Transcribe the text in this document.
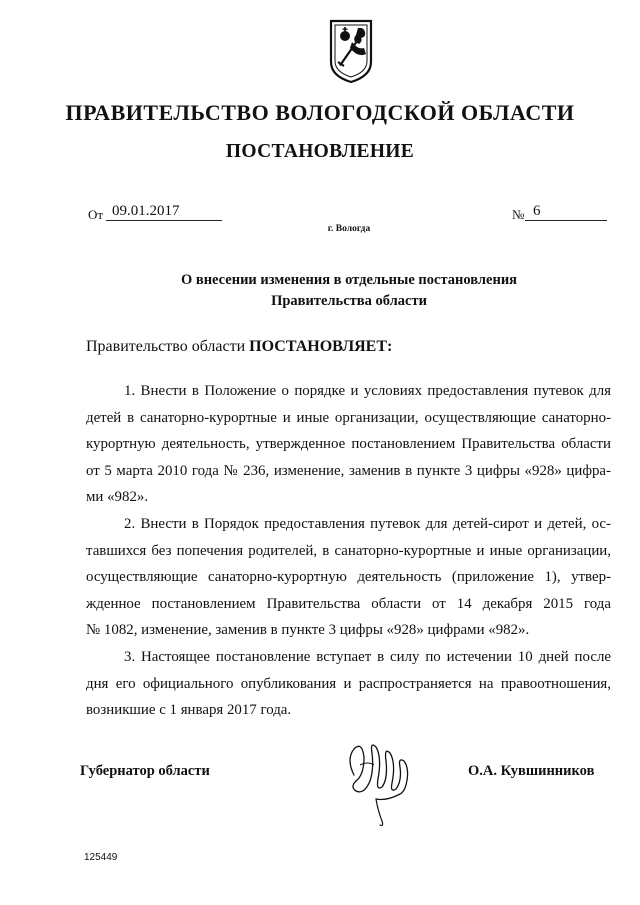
ПРАВИТЕЛЬСТВО ВОЛОГОДСКОЙ ОБЛАСТИ
ПОСТАНОВЛЕНИЕ
От 09.01.2017	№ 6
г. Вологда
О внесении изменения в отдельные постановления
Правительства области
Правительство области ПОСТАНОВЛЯЕТ:
1. Внести в Положение о порядке и условиях предоставления путевок для
детей в санаторно-курортные и иные организации, осуществляющие санаторно-
курортную деятельность, утвержденное постановлением Правительства области
от 5 марта 2010 года № 236, изменение, заменив в пункте 3 цифры «928» цифра-
ми «982».
2. Внести в Порядок предоставления путевок для детей-сирот и детей, ос-
тавшихся без попечения родителей, в санаторно-курортные и иные организации,
осуществляющие санаторно-курортную деятельность (приложение 1), утвер-
жденное постановлением Правительства области от 14 декабря 2015 года
№ 1082, изменение, заменив в пункте 3 цифры «928» цифрами «982».
3. Настоящее постановление вступает в силу по истечении 10 дней после
дня его официального опубликования и распространяется на правоотношения,
возникшие с 1 января 2017 года.
Губернатор области	О.А. Кувшинников
125449
